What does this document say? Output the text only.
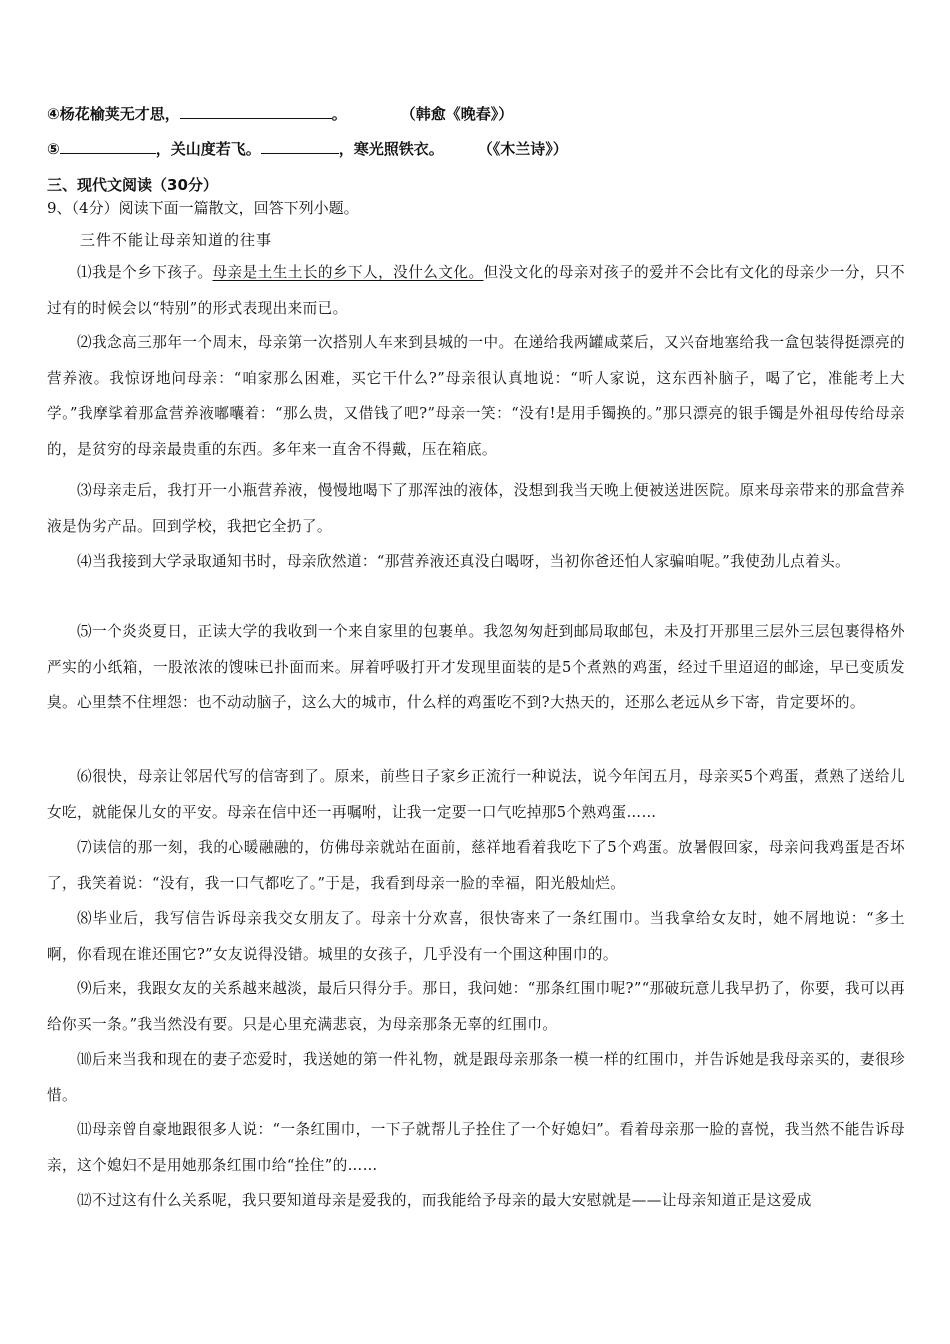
④杨花榆荚无才思，	。	（韩愈《晚春》）
⑤	，关山度若飞。	，寒光照铁衣。 （《木兰诗》）
三、现代文阅读（30分）
9、（4分）阅读下面一篇散文，回答下列小题。
三件不能让母亲知道的往事
⑴我是个乡下孩子。母亲是土生土长的乡下人，没什么文化。但没文化的母亲对孩子的爱并不会比有文化的母亲少一分，只不过有的时候会以“特别”的形式表现出来而已。
⑵我念高三那年一个周末，母亲第一次搭别人车来到县城的一中。在递给我两罐咸菜后，又兴奋地塞给我一盒包装得挺漂亮的营养液。我惊讶地问母亲：“咱家那么困难，买它干什么?”母亲很认真地说：“听人家说，这东西补脑子，喝了它，准能考上大学。”我摩挲着那盒营养液嘟囔着：“那么贵，又借钱了吧?”母亲一笑：“没有!是用手镯换的。”那只漂亮的银手镯是外祖母传给母亲的，是贫穷的母亲最贵重的东西。多年来一直舍不得戴，压在箱底。
⑶母亲走后，我打开一小瓶营养液，慢慢地喝下了那浑浊的液体，没想到我当天晚上便被送进医院。原来母亲带来的那盒营养液是伪劣产品。回到学校，我把它全扔了。
⑷当我接到大学录取通知书时，母亲欣然道：“那营养液还真没白喝呀，当初你爸还怕人家骗咱呢。”我使劲儿点着头。
⑸一个炎炎夏日，正读大学的我收到一个来自家里的包裹单。我忽匆匆赶到邮局取邮包，未及打开那里三层外三层包裹得格外严实的小纸箱，一股浓浓的馊味已扑面而来。屏着呼吸打开才发现里面装的是5个煮熟的鸡蛋，经过千里迢迢的邮途，早已变质发臭。心里禁不住埋怨：也不动动脑子，这么大的城市，什么样的鸡蛋吃不到?大热天的，还那么老远从乡下寄，肯定要坏的。
⑹很快，母亲让邻居代写的信寄到了。原来，前些日子家乡正流行一种说法，说今年闰五月，母亲买5个鸡蛋，煮熟了送给儿女吃，就能保儿女的平安。母亲在信中还一再嘱咐，让我一定要一口气吃掉那5个熟鸡蛋……
⑺读信的那一刻，我的心暖融融的，仿佛母亲就站在面前，慈祥地看着我吃下了5个鸡蛋。放暑假回家，母亲问我鸡蛋是否坏了，我笑着说：“没有，我一口气都吃了。”于是，我看到母亲一脸的幸福，阳光般灿烂。
⑻毕业后，我写信告诉母亲我交女朋友了。母亲十分欢喜，很快寄来了一条红围巾。当我拿给女友时，她不屑地说：“多土啊，你看现在谁还围它?”女友说得没错。城里的女孩子，几乎没有一个围这种围巾的。
⑼后来，我跟女友的关系越来越淡，最后只得分手。那日，我问她：“那条红围巾呢?”“那破玩意儿我早扔了，你要，我可以再给你买一条。”我当然没有要。只是心里充满悲哀，为母亲那条无辜的红围巾。
⑽后来当我和现在的妻子恋爱时，我送她的第一件礼物，就是跟母亲那条一模一样的红围巾，并告诉她是我母亲买的，妻很珍惜。
⑾母亲曾自豪地跟很多人说：“一条红围巾，一下子就帮儿子拴住了一个好媳妇”。看着母亲那一脸的喜悦，我当然不能告诉母亲，这个媳妇不是用她那条红围巾给“拴住”的……
⑿不过这有什么关系呢，我只要知道母亲是爱我的，而我能给予母亲的最大安慰就是——让母亲知道正是这爱成
